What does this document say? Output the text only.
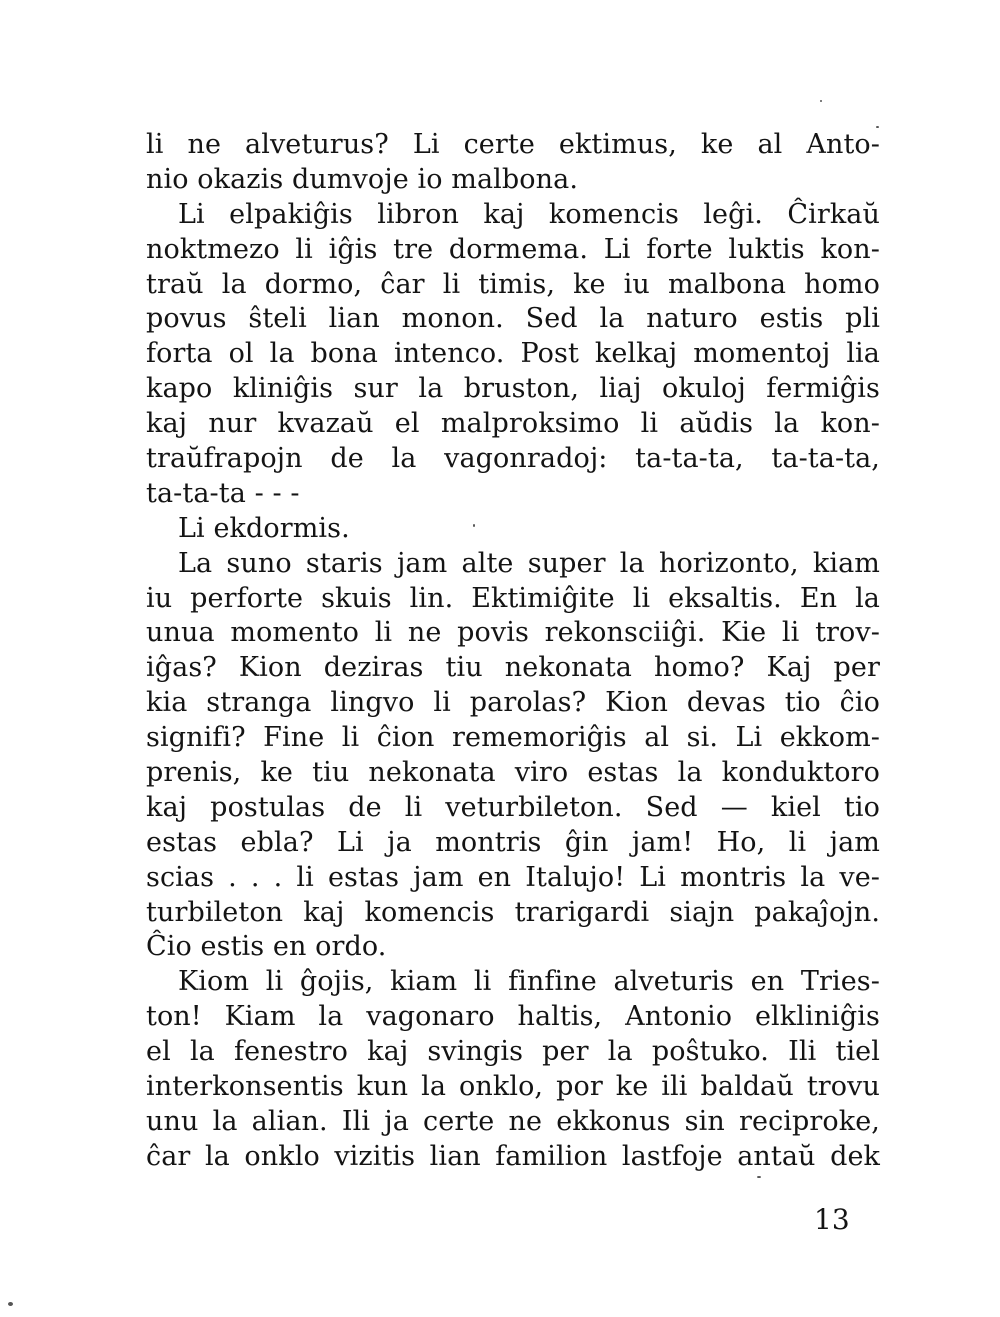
li ne alveturus? Li certe ektimus, ke al Anto-
nio okazis dumvoje io malbona.
Li elpakiĝis libron kaj komencis leĝi. Ĉirkaŭ
noktmezo li iĝis tre dormema. Li forte luktis kon-
traŭ la dormo, ĉar li timis, ke iu malbona homo
povus ŝteli lian monon. Sed la naturo estis pli
forta ol la bona intenco. Post kelkaj momentoj lia
kapo kliniĝis sur la bruston, liaj okuloj fermiĝis
kaj nur kvazaŭ el malproksimo li aŭdis la kon-
traŭfrapojn de la vagonradoj: ta-ta-ta, ta-ta-ta,
ta-ta-ta - - -
Li ekdormis.
La suno staris jam alte super la horizonto, kiam
iu perforte skuis lin. Ektimiĝite li eksaltis. En la
unua momento li ne povis rekonsciiĝi. Kie li trov-
iĝas? Kion deziras tiu nekonata homo? Kaj per
kia stranga lingvo li parolas? Kion devas tio ĉio
signifi? Fine li ĉion rememoriĝis al si. Li ekkom-
prenis, ke tiu nekonata viro estas la konduktoro
kaj postulas de li veturbileton. Sed — kiel tio
estas ebla? Li ja montris ĝin jam! Ho, li jam
scias . . . li estas jam en Italujo! Li montris la ve-
turbileton kaj komencis trarigardi siajn pakaĵojn.
Ĉio estis en ordo.
Kiom li ĝojis, kiam li finfine alveturis en Tries-
ton! Kiam la vagonaro haltis, Antonio elkliniĝis
el la fenestro kaj svingis per la poŝtuko. Ili tiel
interkonsentis kun la onklo, por ke ili baldaŭ trovu
unu la alian. Ili ja certe ne ekkonus sin reciproke,
ĉar la onklo vizitis lian familion lastfoje antaŭ dek
13
